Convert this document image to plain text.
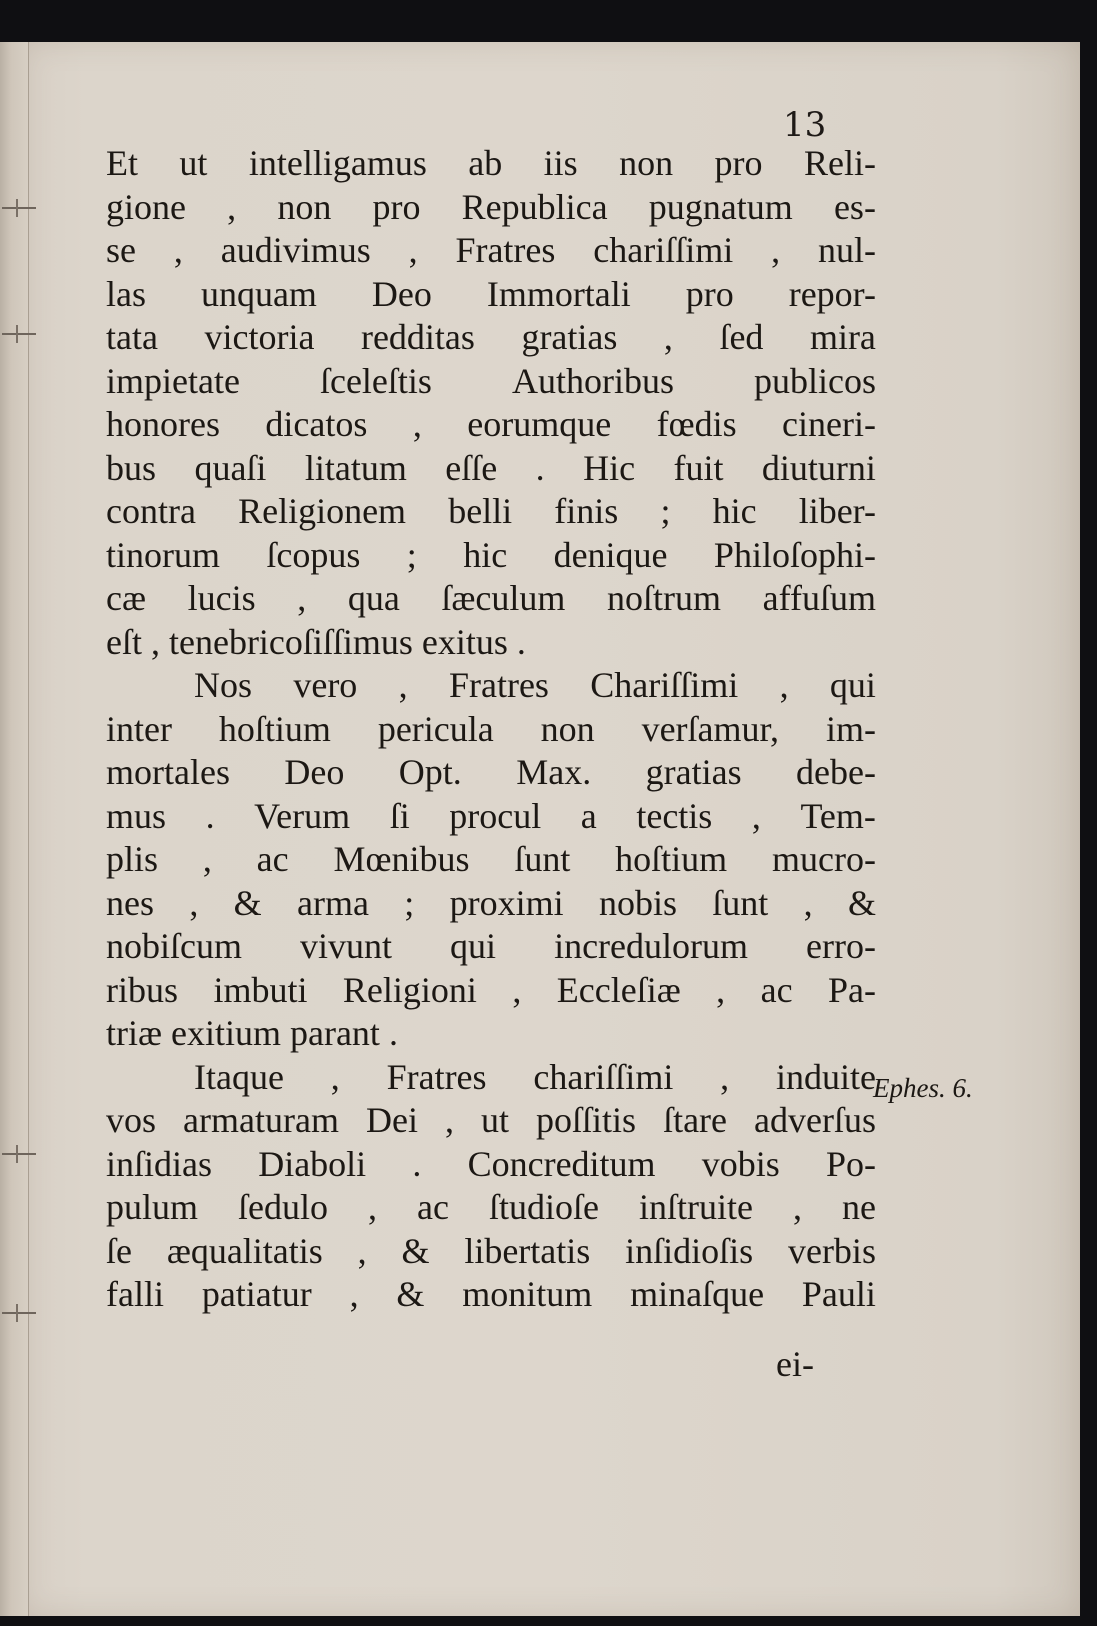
13
Et ut intelligamus ab iis non pro Reli-
gione , non pro Republica pugnatum es-
se , audivimus , Fratres chariſſimi , nul-
las unquam Deo Immortali pro repor-
tata victoria redditas gratias , ſed mira
impietate ſceleſtis Authoribus publicos
honores dicatos , eorumque fœdis cineri-
bus quaſi litatum eſſe . Hic fuit diuturni
contra Religionem belli finis ; hic liber-
tinorum ſcopus ; hic denique Philoſophi-
cæ lucis , qua ſæculum noſtrum affuſum
eſt , tenebricoſiſſimus exitus .
Nos vero , Fratres Chariſſimi , qui
inter hoſtium pericula non verſamur, im-
mortales Deo Opt. Max. gratias debe-
mus . Verum ſi procul a tectis , Tem-
plis , ac Mœnibus ſunt hoſtium mucro-
nes , & arma ; proximi nobis ſunt , &
nobiſcum vivunt qui incredulorum erro-
ribus imbuti Religioni , Eccleſiæ , ac Pa-
triæ exitium parant .
Itaque , Fratres chariſſimi , induite
vos armaturam Dei , ut poſſitis ſtare adverſus
inſidias Diaboli . Concreditum vobis Po-
pulum ſedulo , ac ſtudioſe inſtruite , ne
ſe æqualitatis , & libertatis inſidioſis verbis
falli patiatur , & monitum minaſque Pauli
Ephes. 6.
ei-
